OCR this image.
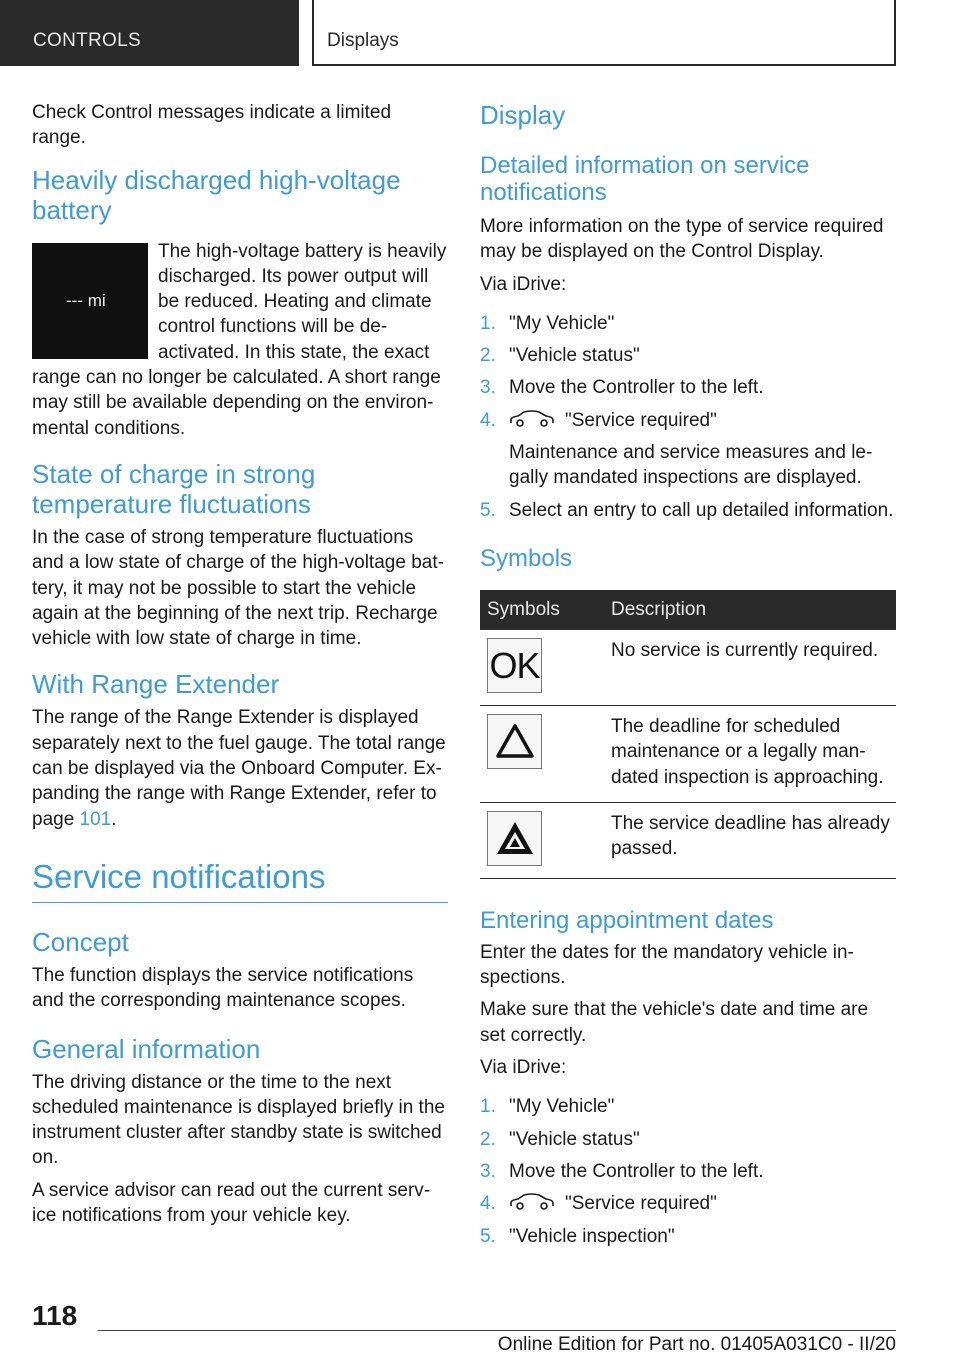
CONTROLS	Displays

Check Control messages indicate a limited range.

Heavily discharged high-voltage battery
--- mi

The high-voltage battery is heavily discharged. Its power output will be reduced. Heating and climate control functions will be deactivated. In this state, the exact range can no longer be calculated. A short range may still be available depending on the environmental conditions.

State of charge in strong temperature fluctuations

In the case of strong temperature fluctuations and a low state of charge of the high-voltage battery, it may not be possible to start the vehicle again at the beginning of the next trip. Recharge vehicle with low state of charge in time.

With Range Extender

The range of the Range Extender is displayed separately next to the fuel gauge. The total range can be displayed via the Onboard Computer. Expanding the range with Range Extender, refer to page 101.

Service notifications
Concept

The function displays the service notifications and the corresponding maintenance scopes.

General information

The driving distance or the time to the next scheduled maintenance is displayed briefly in the instrument cluster after standby state is switched on.

A service advisor can read out the current service notifications from your vehicle key.

Display
Detailed information on service notifications

More information on the type of service required may be displayed on the Control Display.

Via iDrive:

1. "My Vehicle"
2. "Vehicle status"
3. Move the Controller to the left.
4.	"Service required"
Maintenance and service measures and legally mandated inspections are displayed.
5. Select an entry to call up detailed information.
Symbols
Symbols	Description

OK	No service is currently required.

	The deadline for scheduled maintenance or a legally mandated inspection is approaching.

	The service deadline has already passed.
Entering appointment dates

Enter the dates for the mandatory vehicle inspections.

Make sure that the vehicle's date and time are set correctly.

Via iDrive:

1. "My Vehicle"
2. "Vehicle status"
3. Move the Controller to the left.
4.	"Service required"
5. "Vehicle inspection"
118
Online Edition for Part no. 01405A031C0 - II/20
